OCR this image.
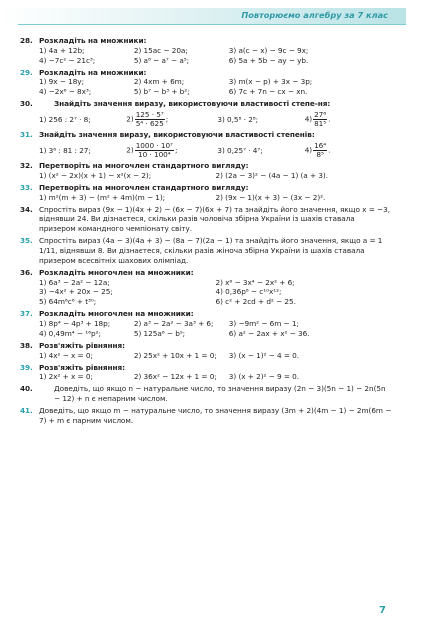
Повторюємо алгебру за 7 клас
28. Розкладіть на множники:
1) 4a + 12b;	2) 15ac − 20a;	3) a(c − x) − 9c − 9x;
4) −7c² − 21c³;	5) a⁸ − a⁷ − a⁵;	6) 5a + 5b − ay − yb.
29. Розкладіть на множники:
1) 9x − 18y;	2) 4xm + 6m;	3) m(x − p) + 3x − 3p;
4) −2x⁶ − 8x³;	5) b⁷ − b³ + b²;	6) 7c + 7n − cx − xn.
30.	Знайдіть значення виразу, використовуючи властивості степе-ня:
1) 256 : 2⁷ · 8;	$2) \frac{\text{125 · 5⁷}}{\text{5⁴ · 625}}$ ;	3) 0,5⁸ · 2⁸;	$4) \frac{\text{27⁶}}{\text{81⁵}}$ .
31. Знайдіть значення виразу, використовуючи властивості степенів:
1) 3⁶ : 81 : 27;	$2) \frac{\text{1000 · 10⁷}}{\text{10 · 100⁴}}$ ;	3) 0,25⁷ · 4⁷;	$4) \frac{\text{16⁴}}{\text{8⁵}}$ .
32. Перетворіть на многочлен стандартного вигляду:
1) (x² − 2x)(x + 1) − x²(x − 2);	2) (2a − 3)² − (4a − 1) (a + 3).
33. Перетворіть на многочлен стандартного вигляду:
1) m²(m + 3) − (m² + 4m)(m − 1);	2) (9x − 1)(x + 3) − (3x − 2)².
34. Спростіть вираз (9x − 1)(4x + 2) − (6x − 7)(6x + 7) та знайдіть його значення, якщо x = −3, віднявши 24. Ви дізнаєтеся, скільки разів чоловіча збірна України із шахів ставала призером командного чемпіонату світу.
35. Спростіть вираз (4a − 3)(4a + 3) − (8a − 7)(2a − 1) та знайдіть його значення, якщо a = 1 1/11, віднявши 8. Ви дізнаєтеся, скільки разів жіноча збірна України із шахів ставала призером всесвітніх шахових олімпіад.
36. Розкладіть многочлен на множники:
1) 6a³ − 2a² − 12a;	2) x⁶ − 3x⁴ − 2x² + 6;
3) −4x² + 20x − 25;	4) 0,36p⁸ − c¹⁰x¹²;
5) 64m⁶c⁶ + t³⁰;	6) c² + 2cd + d² − 25.
37. Розкладіть многочлен на множники:
1) 8p⁴ − 4p³ + 18p;	2) a³ − 2a² − 3a³ + 6;	3) −9m² − 6m − 1;
4) 0,49m⁴ − ¹⁶p²;	5) 125a⁶ − b⁹;	6) a² − 2ax + x² − 36.
38. Розв'яжіть рівняння:
1) 4x² − x = 0;	2) 25x² + 10x + 1 = 0;	3) (x − 1)² − 4 = 0.
39. Розв'яжіть рівняння:
1) 2x² + x = 0;	2) 36x² − 12x + 1 = 0;	3) (x + 2)² − 9 = 0.
40.	Доведіть, що якщо n − натуральне число, то значення виразу (2n − 3)(5n − 1) − 2n(5n − 12) + n є непарним числом.
41. Доведіть, що якщо m − натуральне число, то значення виразу (3m + 2)(4m − 1) − 2m(6m − 7) + m є парним числом.
7
